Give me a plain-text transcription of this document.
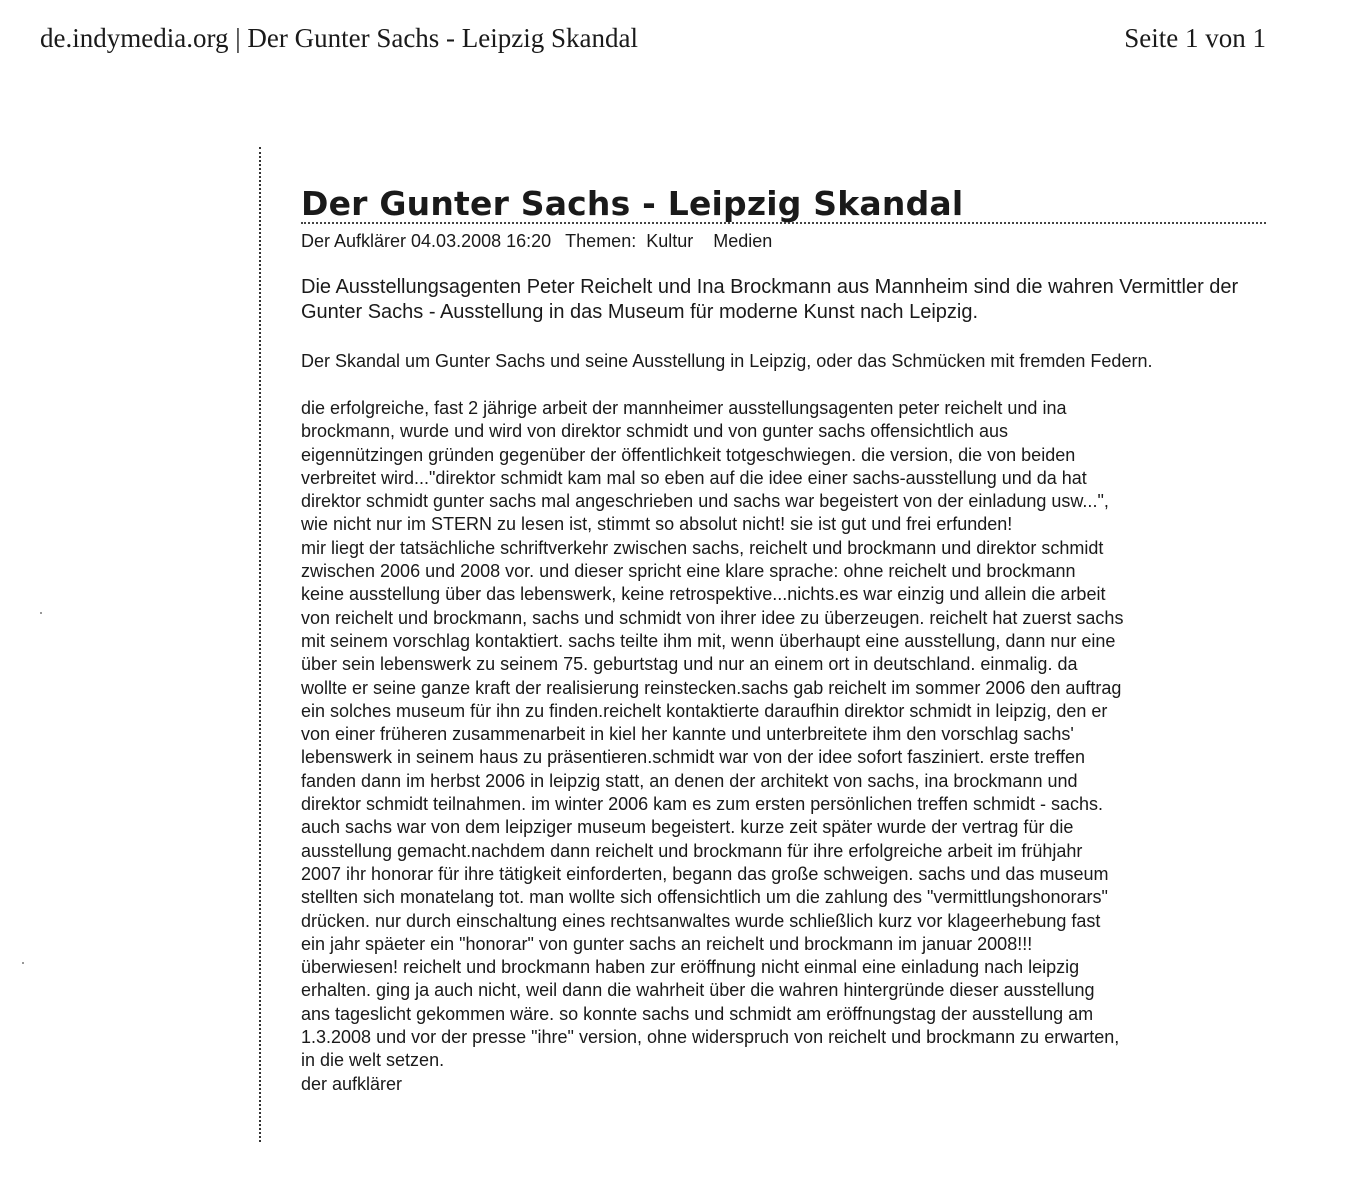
de.indymedia.org | Der Gunter Sachs - Leipzig Skandal	Seite 1 von 1
Der Gunter Sachs - Leipzig Skandal
Der Aufklärer 04.03.2008 16:20 Themen: Kultur Medien

Die Ausstellungsagenten Peter Reichelt und Ina Brockmann aus Mannheim sind die wahren Vermittler der Gunter Sachs - Ausstellung in das Museum für moderne Kunst nach Leipzig.

Der Skandal um Gunter Sachs und seine Ausstellung in Leipzig, oder das Schmücken mit fremden Federn.

die erfolgreiche, fast 2 jährige arbeit der mannheimer ausstellungsagenten peter reichelt und ina
brockmann, wurde und wird von direktor schmidt und von gunter sachs offensichtlich aus
eigennützingen gründen gegenüber der öffentlichkeit totgeschwiegen. die version, die von beiden
verbreitet wird..."direktor schmidt kam mal so eben auf die idee einer sachs-ausstellung und da hat
direktor schmidt gunter sachs mal angeschrieben und sachs war begeistert von der einladung usw...",
wie nicht nur im STERN zu lesen ist, stimmt so absolut nicht! sie ist gut und frei erfunden!
mir liegt der tatsächliche schriftverkehr zwischen sachs, reichelt und brockmann und direktor schmidt
zwischen 2006 und 2008 vor. und dieser spricht eine klare sprache: ohne reichelt und brockmann
keine ausstellung über das lebenswerk, keine retrospektive...nichts.es war einzig und allein die arbeit
von reichelt und brockmann, sachs und schmidt von ihrer idee zu überzeugen. reichelt hat zuerst sachs
mit seinem vorschlag kontaktiert. sachs teilte ihm mit, wenn überhaupt eine ausstellung, dann nur eine
über sein lebenswerk zu seinem 75. geburtstag und nur an einem ort in deutschland. einmalig. da
wollte er seine ganze kraft der realisierung reinstecken.sachs gab reichelt im sommer 2006 den auftrag
ein solches museum für ihn zu finden.reichelt kontaktierte daraufhin direktor schmidt in leipzig, den er
von einer früheren zusammenarbeit in kiel her kannte und unterbreitete ihm den vorschlag sachs'
lebenswerk in seinem haus zu präsentieren.schmidt war von der idee sofort fasziniert. erste treffen
fanden dann im herbst 2006 in leipzig statt, an denen der architekt von sachs, ina brockmann und
direktor schmidt teilnahmen. im winter 2006 kam es zum ersten persönlichen treffen schmidt - sachs.
auch sachs war von dem leipziger museum begeistert. kurze zeit später wurde der vertrag für die
ausstellung gemacht.nachdem dann reichelt und brockmann für ihre erfolgreiche arbeit im frühjahr
2007 ihr honorar für ihre tätigkeit einforderten, begann das große schweigen. sachs und das museum
stellten sich monatelang tot. man wollte sich offensichtlich um die zahlung des "vermittlungshonorars"
drücken. nur durch einschaltung eines rechtsanwaltes wurde schließlich kurz vor klageerhebung fast
ein jahr späeter ein "honorar" von gunter sachs an reichelt und brockmann im januar 2008!!!
überwiesen! reichelt und brockmann haben zur eröffnung nicht einmal eine einladung nach leipzig
erhalten. ging ja auch nicht, weil dann die wahrheit über die wahren hintergründe dieser ausstellung
ans tageslicht gekommen wäre. so konnte sachs und schmidt am eröffnungstag der ausstellung am
1.3.2008 und vor der presse "ihre" version, ohne widerspruch von reichelt und brockmann zu erwarten,
in die welt setzen.
der aufklärer
